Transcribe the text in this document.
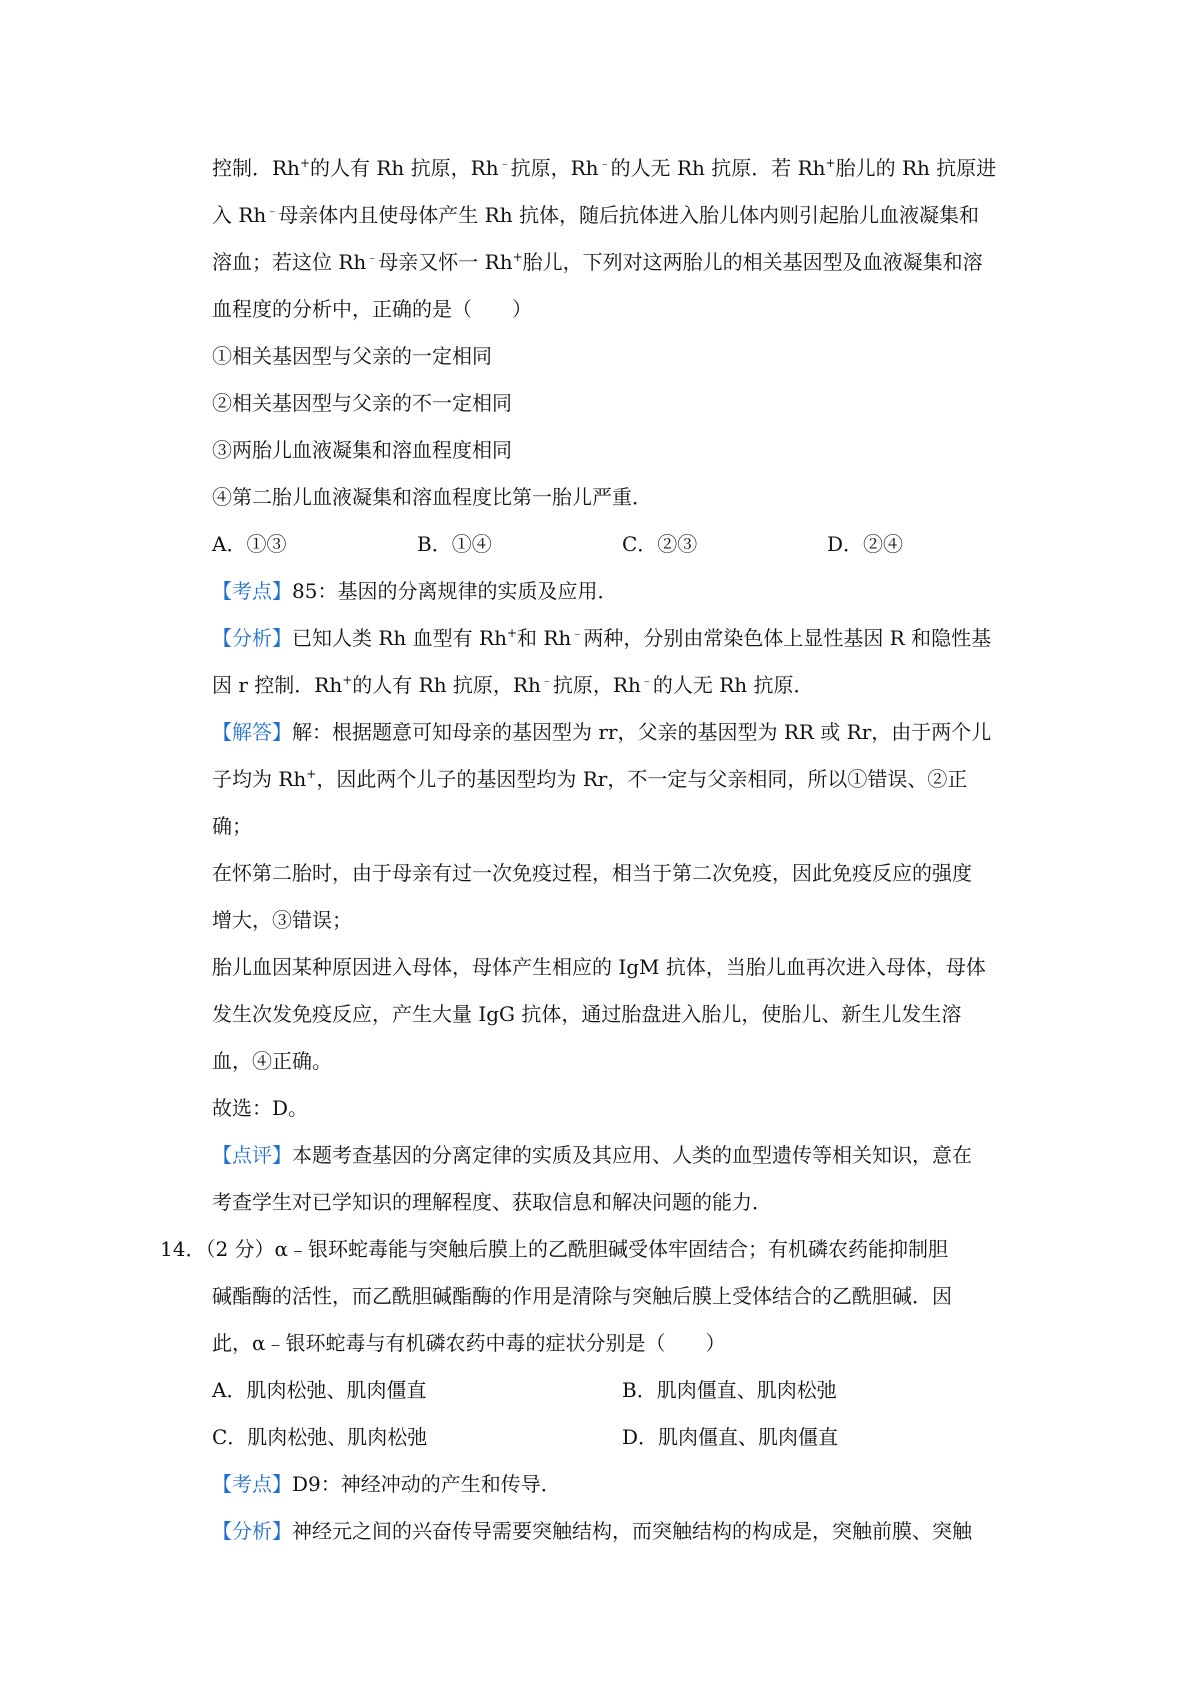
控制．Rh+的人有 Rh 抗原，Rh﹣抗原，Rh﹣的人无 Rh 抗原．若 Rh+胎儿的 Rh 抗原进
入 Rh﹣母亲体内且使母体产生 Rh 抗体，随后抗体进入胎儿体内则引起胎儿血液凝集和
溶血；若这位 Rh﹣母亲又怀一 Rh+胎儿，下列对这两胎儿的相关基因型及血液凝集和溶
血程度的分析中，正确的是（　　）
①相关基因型与父亲的一定相同
②相关基因型与父亲的不一定相同
③两胎儿血液凝集和溶血程度相同
④第二胎儿血液凝集和溶血程度比第一胎儿严重．
A．①③	B．①④	C．②③	D．②④
【考点】85：基因的分离规律的实质及应用．
【分析】已知人类 Rh 血型有 Rh+和 Rh﹣两种，分别由常染色体上显性基因 R 和隐性基
因 r 控制．Rh+的人有 Rh 抗原，Rh﹣抗原，Rh﹣的人无 Rh 抗原．
【解答】解：根据题意可知母亲的基因型为 rr，父亲的基因型为 RR 或 Rr，由于两个儿
子均为 Rh+，因此两个儿子的基因型均为 Rr，不一定与父亲相同，所以①错误、②正
确；
在怀第二胎时，由于母亲有过一次免疫过程，相当于第二次免疫，因此免疫反应的强度
增大，③错误；
胎儿血因某种原因进入母体，母体产生相应的 IgM 抗体，当胎儿血再次进入母体，母体
发生次发免疫反应，产生大量 IgG 抗体，通过胎盘进入胎儿，使胎儿、新生儿发生溶
血，④正确。
故选：D。
【点评】本题考查基因的分离定律的实质及其应用、人类的血型遗传等相关知识，意在
考查学生对已学知识的理解程度、获取信息和解决问题的能力．
14．（2 分）α﹣银环蛇毒能与突触后膜上的乙酰胆碱受体牢固结合；有机磷农药能抑制胆
碱酯酶的活性，而乙酰胆碱酯酶的作用是清除与突触后膜上受体结合的乙酰胆碱．因
此，α﹣银环蛇毒与有机磷农药中毒的症状分别是（　　）
A．肌肉松弛、肌肉僵直	B．肌肉僵直、肌肉松弛
C．肌肉松弛、肌肉松弛	D．肌肉僵直、肌肉僵直
【考点】D9：神经冲动的产生和传导．
【分析】神经元之间的兴奋传导需要突触结构，而突触结构的构成是，突触前膜、突触
